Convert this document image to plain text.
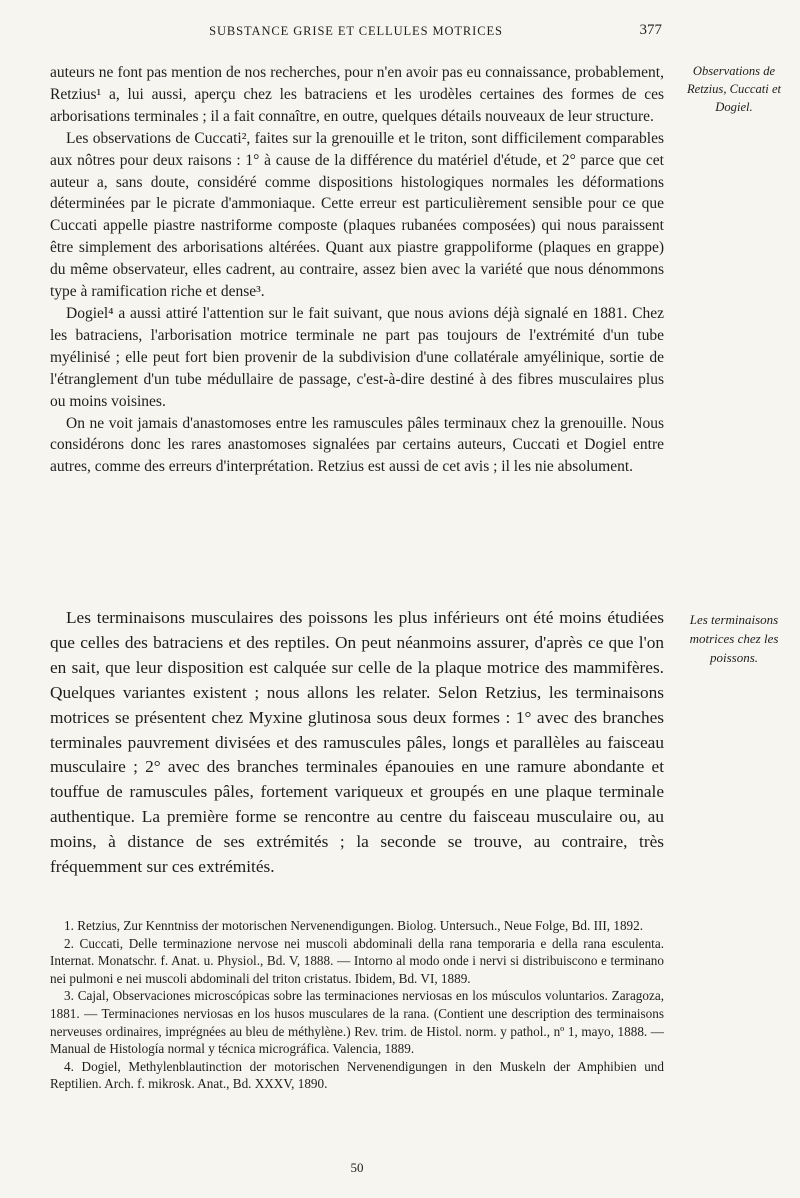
SUBSTANCE GRISE ET CELLULES MOTRICES	377

auteurs ne font pas mention de nos recherches, pour n'en avoir pas eu connaissance, probablement, Retzius¹ a, lui aussi, aperçu chez les batraciens et les urodèles certaines des formes de ces arborisations terminales ; il a fait connaître, en outre, quelques détails nouveaux de leur structure.

Les observations de Cuccati², faites sur la grenouille et le triton, sont difficilement comparables aux nôtres pour deux raisons : 1° à cause de la différence du matériel d'étude, et 2° parce que cet auteur a, sans doute, considéré comme dispositions histologiques normales les déformations déterminées par le picrate d'ammoniaque. Cette erreur est particulièrement sensible pour ce que Cuccati appelle piastre nastriforme composte (plaques rubanées composées) qui nous paraissent être simplement des arborisations altérées. Quant aux piastre grappoliforme (plaques en grappe) du même observateur, elles cadrent, au contraire, assez bien avec la variété que nous dénommons type à ramification riche et dense³.

Dogiel⁴ a aussi attiré l'attention sur le fait suivant, que nous avions déjà signalé en 1881. Chez les batraciens, l'arborisation motrice terminale ne part pas toujours de l'extrémité d'un tube myélinisé ; elle peut fort bien provenir de la subdivision d'une collatérale amyélinique, sortie de l'étranglement d'un tube médullaire de passage, c'est-à-dire destiné à des fibres musculaires plus ou moins voisines.

On ne voit jamais d'anastomoses entre les ramuscules pâles terminaux chez la grenouille. Nous considérons donc les rares anastomoses signalées par certains auteurs, Cuccati et Dogiel entre autres, comme des erreurs d'interprétation. Retzius est aussi de cet avis ; il les nie absolument.

Observations de Retzius, Cuccati et Dogiel.

Les terminaisons musculaires des poissons les plus inférieurs ont été moins étudiées que celles des batraciens et des reptiles. On peut néanmoins assurer, d'après ce que l'on en sait, que leur disposition est calquée sur celle de la plaque motrice des mammifères. Quelques variantes existent ; nous allons les relater. Selon Retzius, les terminaisons motrices se présentent chez Myxine glutinosa sous deux formes : 1° avec des branches terminales pauvrement divisées et des ramuscules pâles, longs et parallèles au faisceau musculaire ; 2° avec des branches terminales épanouies en une ramure abondante et touffue de ramuscules pâles, fortement variqueux et groupés en une plaque terminale authentique. La première forme se rencontre au centre du faisceau musculaire ou, au moins, à distance de ses extrémités ; la seconde se trouve, au contraire, très fréquemment sur ces extrémités.

Les terminaisons motrices chez les poissons.

1. Retzius, Zur Kenntniss der motorischen Nervenendigungen. Biolog. Untersuch., Neue Folge, Bd. III, 1892.

2. Cuccati, Delle terminazione nervose nei muscoli abdominali della rana temporaria e della rana esculenta. Internat. Monatschr. f. Anat. u. Physiol., Bd. V, 1888. — Intorno al modo onde i nervi si distribuiscono e terminano nei pulmoni e nei muscoli abdominali del triton cristatus. Ibidem, Bd. VI, 1889.

3. Cajal, Observaciones microscópicas sobre las terminaciones nerviosas en los músculos voluntarios. Zaragoza, 1881. — Terminaciones nerviosas en los husos musculares de la rana. (Contient une description des terminaisons nerveuses ordinaires, imprégnées au bleu de méthylène.) Rev. trim. de Histol. norm. y pathol., nº 1, mayo, 1888. — Manual de Histología normal y técnica micrográfica. Valencia, 1889.

4. Dogiel, Methylenblautinction der motorischen Nervenendigungen in den Muskeln der Amphibien und Reptilien. Arch. f. mikrosk. Anat., Bd. XXXV, 1890.

50
